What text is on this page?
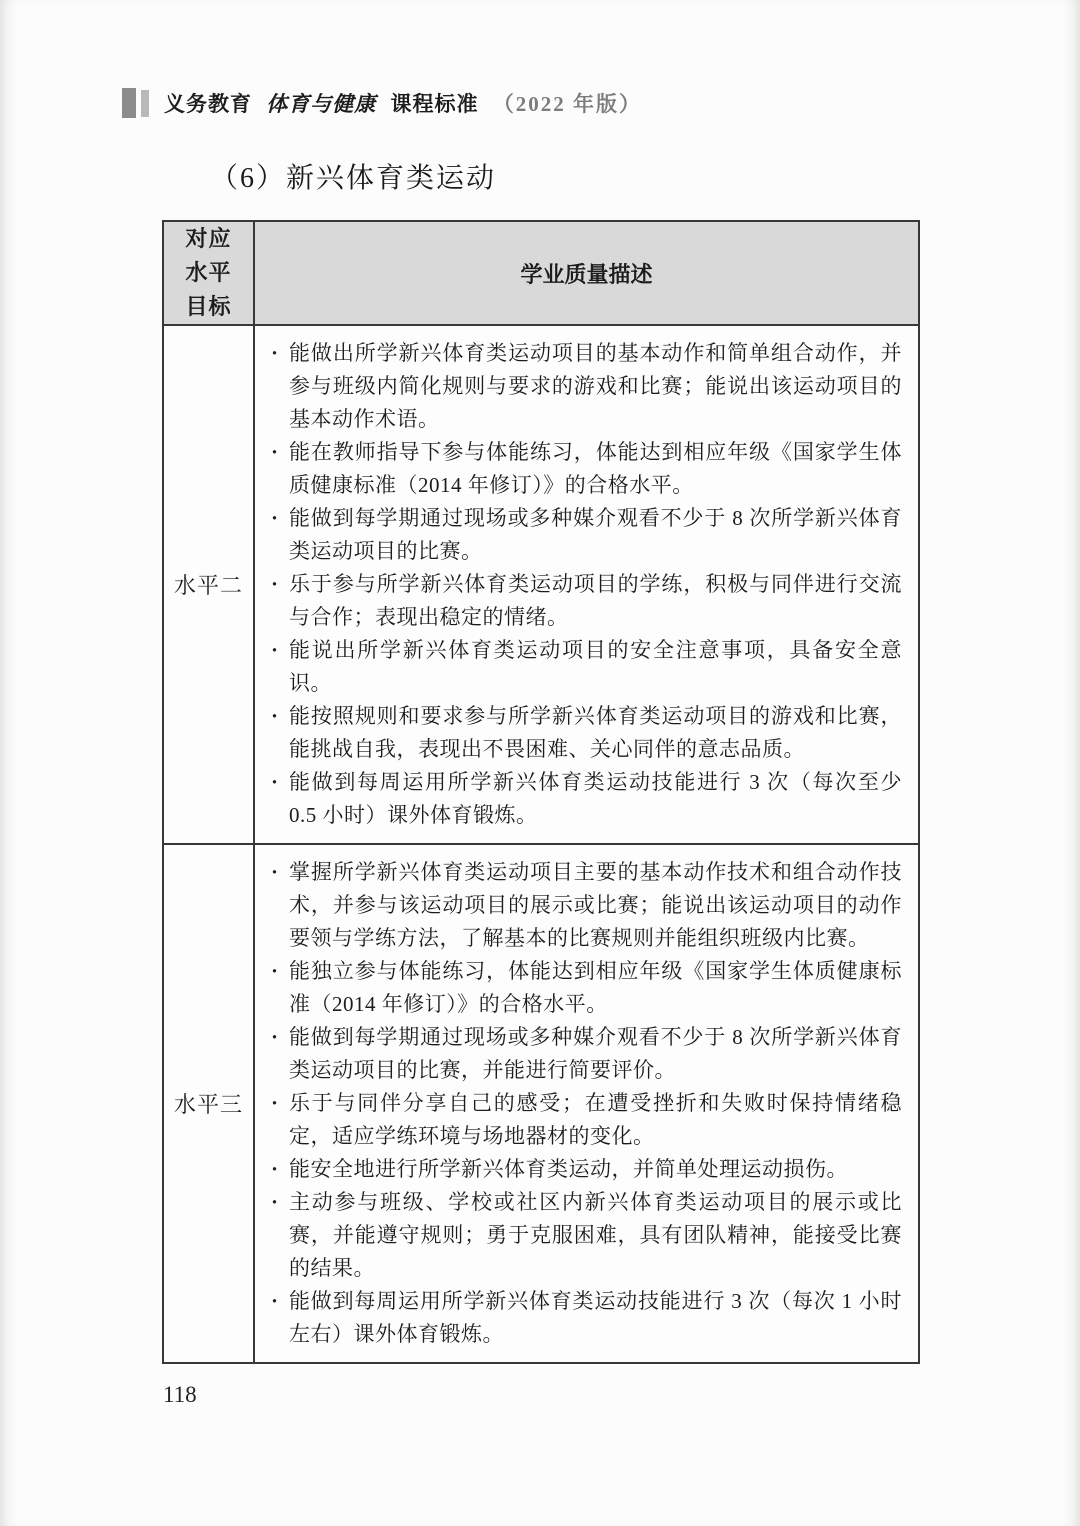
义务教育 体育与健康 课程标准 （2022 年版）
（6）新兴体育类运动
对应水平目标	学业质量描述
水平二	
· 能做出所学新兴体育类运动项目的基本动作和简单组合动作，并参与班级内简化规则与要求的游戏和比赛；能说出该运动项目的基本动作术语。
· 能在教师指导下参与体能练习，体能达到相应年级《国家学生体质健康标准（2014 年修订）》的合格水平。
· 能做到每学期通过现场或多种媒介观看不少于 8 次所学新兴体育类运动项目的比赛。
· 乐于参与所学新兴体育类运动项目的学练，积极与同伴进行交流与合作；表现出稳定的情绪。
· 能说出所学新兴体育类运动项目的安全注意事项，具备安全意识。
· 能按照规则和要求参与所学新兴体育类运动项目的游戏和比赛，能挑战自我，表现出不畏困难、关心同伴的意志品质。
· 能做到每周运用所学新兴体育类运动技能进行 3 次（每次至少 0.5 小时）课外体育锻炼。

水平三	
· 掌握所学新兴体育类运动项目主要的基本动作技术和组合动作技术，并参与该运动项目的展示或比赛；能说出该运动项目的动作要领与学练方法，了解基本的比赛规则并能组织班级内比赛。
· 能独立参与体能练习，体能达到相应年级《国家学生体质健康标准（2014 年修订）》的合格水平。
· 能做到每学期通过现场或多种媒介观看不少于 8 次所学新兴体育类运动项目的比赛，并能进行简要评价。
· 乐于与同伴分享自己的感受；在遭受挫折和失败时保持情绪稳定，适应学练环境与场地器材的变化。
· 能安全地进行所学新兴体育类运动，并简单处理运动损伤。
· 主动参与班级、学校或社区内新兴体育类运动项目的展示或比赛，并能遵守规则；勇于克服困难，具有团队精神，能接受比赛的结果。
· 能做到每周运用所学新兴体育类运动技能进行 3 次（每次 1 小时左右）课外体育锻炼。
118
